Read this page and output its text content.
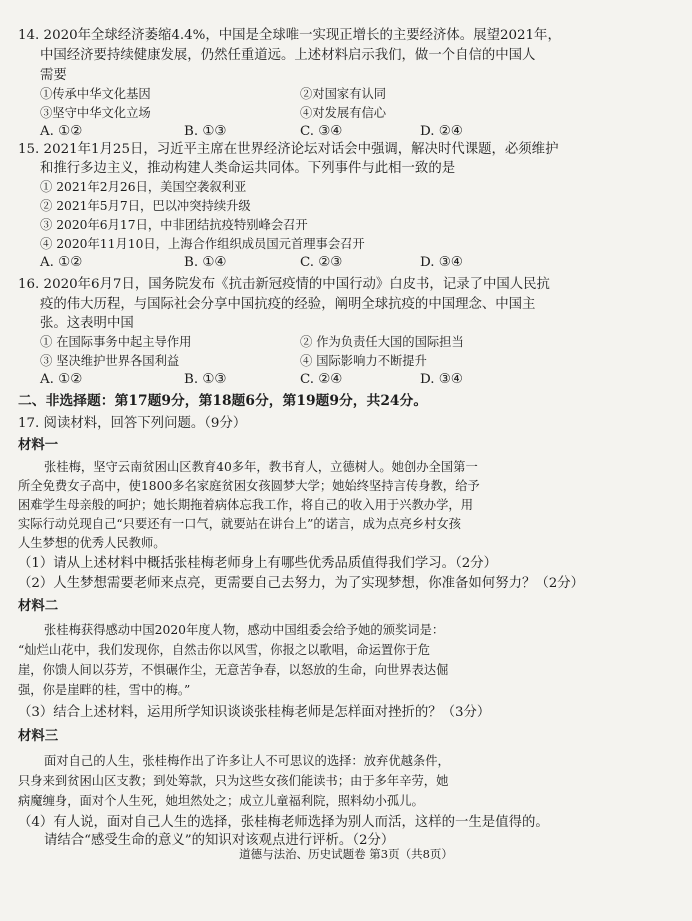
14. 2020年全球经济萎缩4.4%，中国是全球唯一实现正增长的主要经济体。展望2021年，
中国经济要持续健康发展，仍然任重道远。上述材料启示我们，做一个自信的中国人
需要
①传承中华文化基因	②对国家有认同
③坚守中华文化立场	④对发展有信心
A. ①②	B. ①③	C. ③④	D. ②④
15. 2021年1月25日，习近平主席在世界经济论坛对话会中强调，解决时代课题，必须维护
和推行多边主义，推动构建人类命运共同体。下列事件与此相一致的是
① 2021年2月26日，美国空袭叙利亚
② 2021年5月7日，巴以冲突持续升级
③ 2020年6月17日，中非团结抗疫特别峰会召开
④ 2020年11月10日，上海合作组织成员国元首理事会召开
A. ①②	B. ①④	C. ②③	D. ③④
16. 2020年6月7日，国务院发布《抗击新冠疫情的中国行动》白皮书，记录了中国人民抗
疫的伟大历程，与国际社会分享中国抗疫的经验，阐明全球抗疫的中国理念、中国主
张。这表明中国
① 在国际事务中起主导作用	② 作为负责任大国的国际担当
③ 坚决维护世界各国利益	④ 国际影响力不断提升
A. ①②	B. ①③	C. ②④	D. ③④
二、非选择题：第17题9分，第18题6分，第19题9分，共24分。
17. 阅读材料，回答下列问题。（9分）
材料一
张桂梅，坚守云南贫困山区教育40多年，教书育人，立德树人。她创办全国第一
所全免费女子高中，使1800多名家庭贫困女孩圆梦大学；她始终坚持言传身教，给予
困难学生母亲般的呵护；她长期拖着病体忘我工作，将自己的收入用于兴教办学，用
实际行动兑现自己“只要还有一口气，就要站在讲台上”的诺言，成为点亮乡村女孩
人生梦想的优秀人民教师。
（1）请从上述材料中概括张桂梅老师身上有哪些优秀品质值得我们学习。（2分）
（2）人生梦想需要老师来点亮，更需要自己去努力，为了实现梦想，你准备如何努力？（2分）
材料二
张桂梅获得感动中国2020年度人物，感动中国组委会给予她的颁奖词是：
“灿烂山花中，我们发现你，自然击你以风雪，你报之以歌唱，命运置你于危
崖，你馈人间以芬芳，不惧碾作尘，无意苦争春，以怒放的生命，向世界表达倔
强，你是崖畔的桂，雪中的梅。”
（3）结合上述材料，运用所学知识谈谈张桂梅老师是怎样面对挫折的？（3分）
材料三
面对自己的人生，张桂梅作出了许多让人不可思议的选择：放弃优越条件，
只身来到贫困山区支教；到处筹款，只为这些女孩们能读书；由于多年辛劳，她
病魔缠身，面对个人生死，她坦然处之；成立儿童福利院，照料幼小孤儿。
（4）有人说，面对自己人生的选择，张桂梅老师选择为别人而活，这样的一生是值得的。
请结合“感受生命的意义”的知识对该观点进行评析。（2分）
道德与法治、历史试题卷 第3页（共8页）
